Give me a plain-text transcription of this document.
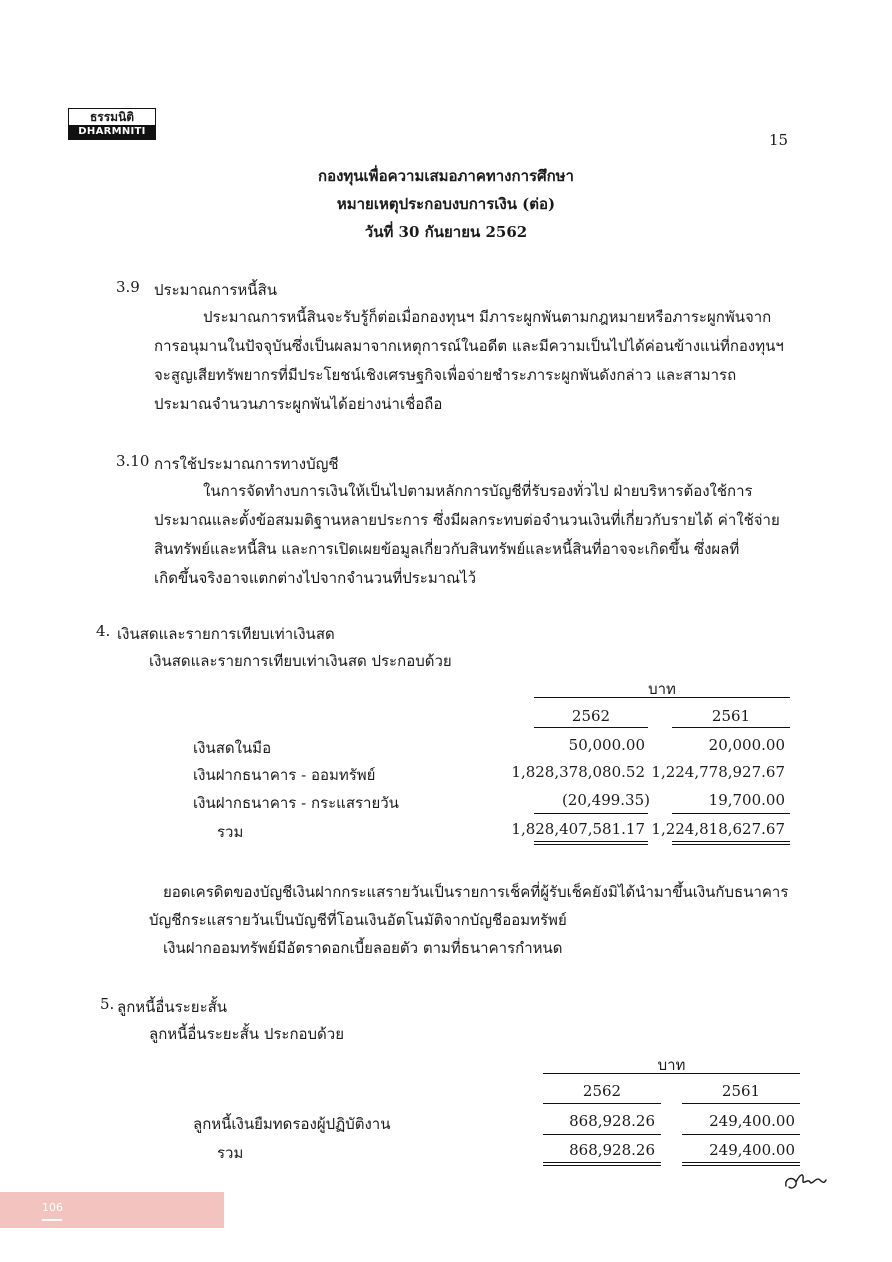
ธรรมนิติ
DHARMNITI	15
กองทุนเพื่อความเสมอภาคทางการศึกษา
หมายเหตุประกอบงบการเงิน (ต่อ)
วันที่ 30 กันยายน 2562
3.9 ประมาณการหนี้สิน
ประมาณการหนี้สินจะรับรู้ก็ต่อเมื่อกองทุนฯ มีภาระผูกพันตามกฎหมายหรือภาระผูกพันจาก
การอนุมานในปัจจุบันซึ่งเป็นผลมาจากเหตุการณ์ในอดีต และมีความเป็นไปได้ค่อนข้างแน่ที่กองทุนฯ
จะสูญเสียทรัพยากรที่มีประโยชน์เชิงเศรษฐกิจเพื่อจ่ายชำระภาระผูกพันดังกล่าว และสามารถ
ประมาณจำนวนภาระผูกพันได้อย่างน่าเชื่อถือ
3.10 การใช้ประมาณการทางบัญชี
ในการจัดทำงบการเงินให้เป็นไปตามหลักการบัญชีที่รับรองทั่วไป ฝ่ายบริหารต้องใช้การ
ประมาณและตั้งข้อสมมติฐานหลายประการ ซึ่งมีผลกระทบต่อจำนวนเงินที่เกี่ยวกับรายได้ ค่าใช้จ่าย
สินทรัพย์และหนี้สิน และการเปิดเผยข้อมูลเกี่ยวกับสินทรัพย์และหนี้สินที่อาจจะเกิดขึ้น ซึ่งผลที่
เกิดขึ้นจริงอาจแตกต่างไปจากจำนวนที่ประมาณไว้
4. เงินสดและรายการเทียบเท่าเงินสด
เงินสดและรายการเทียบเท่าเงินสด ประกอบด้วย
บาท
2562	2561
เงินสดในมือ	50,000.00	20,000.00
เงินฝากธนาคาร - ออมทรัพย์	1,828,378,080.52 1,224,778,927.67
เงินฝากธนาคาร - กระแสรายวัน	(20,499.35)	19,700.00
รวม	1,828,407,581.17 1,224,818,627.67
ยอดเครดิตของบัญชีเงินฝากกระแสรายวันเป็นรายการเช็คที่ผู้รับเช็คยังมิได้นำมาขึ้นเงินกับธนาคาร
บัญชีกระแสรายวันเป็นบัญชีที่โอนเงินอัตโนมัติจากบัญชีออมทรัพย์
เงินฝากออมทรัพย์มีอัตราดอกเบี้ยลอยตัว ตามที่ธนาคารกำหนด
5. ลูกหนี้อื่นระยะสั้น
ลูกหนี้อื่นระยะสั้น ประกอบด้วย
บาท
2562	2561
ลูกหนี้เงินยืมทดรองผู้ปฏิบัติงาน	868,928.26	249,400.00
รวม	868,928.26	249,400.00
106
